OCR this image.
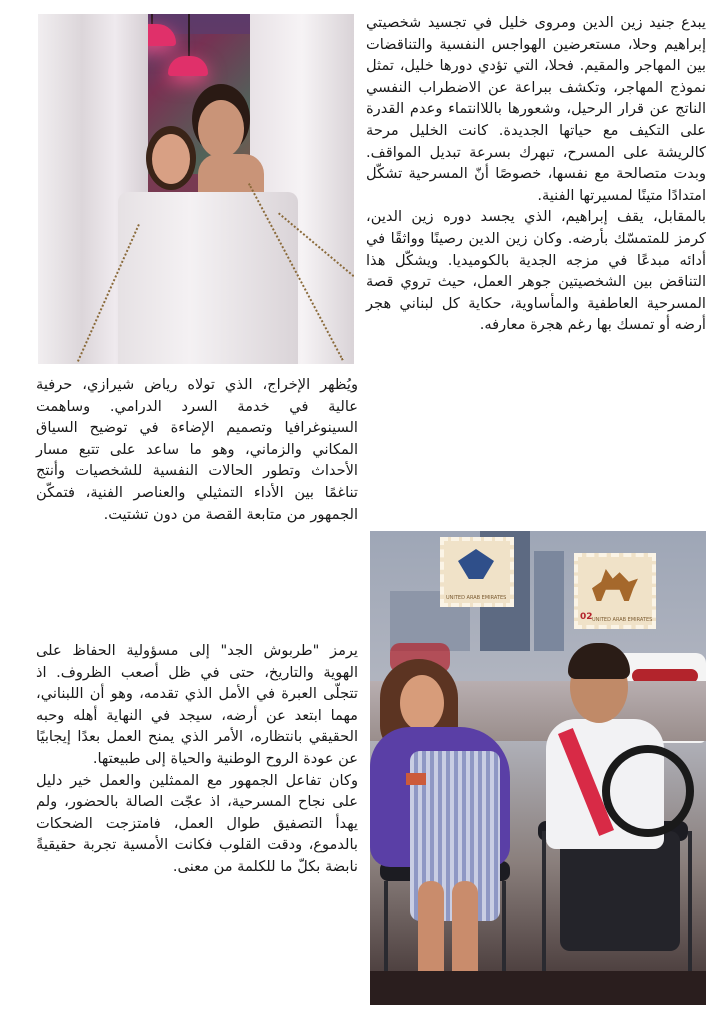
يبدع جنيد زين الدين ومروى خليل في تجسيد شخصيتي إبراهيم وحلا، مستعرضين الهواجس النفسية والتناقضات بين المهاجر والمقيم. فحلا، التي تؤدي دورها خليل، تمثل نموذج المهاجر، وتكشف ببراعة عن الاضطراب النفسي الناتج عن قرار الرحيل، وشعورها باللاانتماء وعدم القدرة على التكيف مع حياتها الجديدة. كانت الخليل مرحة كالريشة على المسرح، تبهرك بسرعة تبديل المواقف. وبدت متصالحة مع نفسها، خصوصًا أنّ المسرحية تشكّل امتدادًا متينًا لمسيرتها الفنية.

بالمقابل، يقف إبراهيم، الذي يجسد دوره زين الدين، كرمز للمتمسّك بأرضه. وكان زين الدين رصينًا وواثقًا في أدائه مبدعًا في مزجه الجدية بالكوميديا. ويشكّل هذا التناقض بين الشخصيتين جوهر العمل، حيث تروي قصة المسرحية العاطفية والمأساوية، حكاية كل لبناني هجر أرضه أو تمسك بها رغم هجرة معارفه.

ويُظهر الإخراج، الذي تولاه رياض شيرازي، حرفية عالية في خدمة السرد الدرامي. وساهمت السينوغرافيا وتصميم الإضاءة في توضيح السياق المكاني والزماني، وهو ما ساعد على تتبع مسار الأحداث وتطور الحالات النفسية للشخصيات وأنتج تناغمًا بين الأداء التمثيلي والعناصر الفنية، فتمكّن الجمهور من متابعة القصة من دون تشتيت.

يرمز "طربوش الجد" إلى مسؤولية الحفاظ على الهوية والتاريخ، حتى في ظل أصعب الظروف. اذ تتجلّى العبرة في الأمل الذي تقدمه، وهو أن اللبناني، مهما ابتعد عن أرضه، سيجد في النهاية أهله وحبه الحقيقي بانتظاره، الأمر الذي يمنح العمل بعدًا إيجابيًا عن عودة الروح الوطنية والحياة إلى طبيعتها.

وكان تفاعل الجمهور مع الممثلين والعمل خير دليل على نجاح المسرحية، اذ عجّت الصالة بالحضور، ولم يهدأ التصفيق طوال العمل، فامتزجت الضحكات بالدموع، ودقت القلوب فكانت الأمسية تجربة حقيقيةً نابضة بكلّ ما للكلمة من معنى.

UNITED ARAB EMIRATES
02 UNITED ARAB EMIRATES
